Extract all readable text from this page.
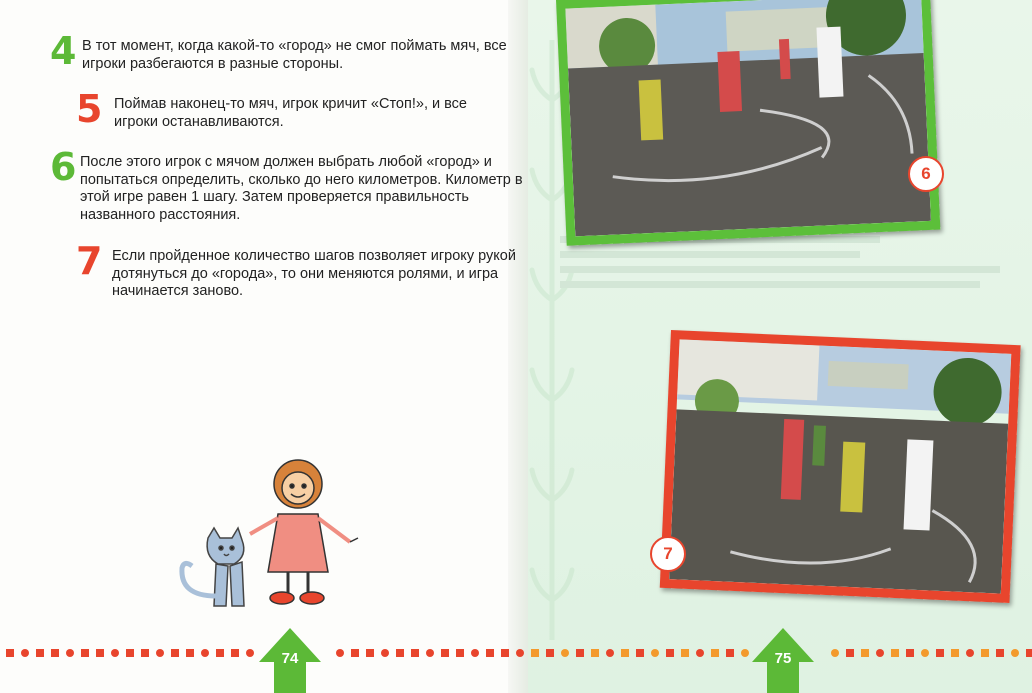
4 В тот момент, когда какой-то «город» не смог поймать мяч, все игроки разбегаются в разные стороны.
5 Поймав наконец-то мяч, игрок кричит «Стоп!», и все игроки останавливаются.
6 После этого игрок с мячом должен выбрать любой «город» и попытаться определить, сколько до него километров. Километр в этой игре равен 1 шагу. Затем проверяется правильность названного расстояния.
7 Если пройденное количество шагов позволяет игроку рукой дотянуться до «города», то они меняются ролями, и игра начинается заново.
6
7
74	75
